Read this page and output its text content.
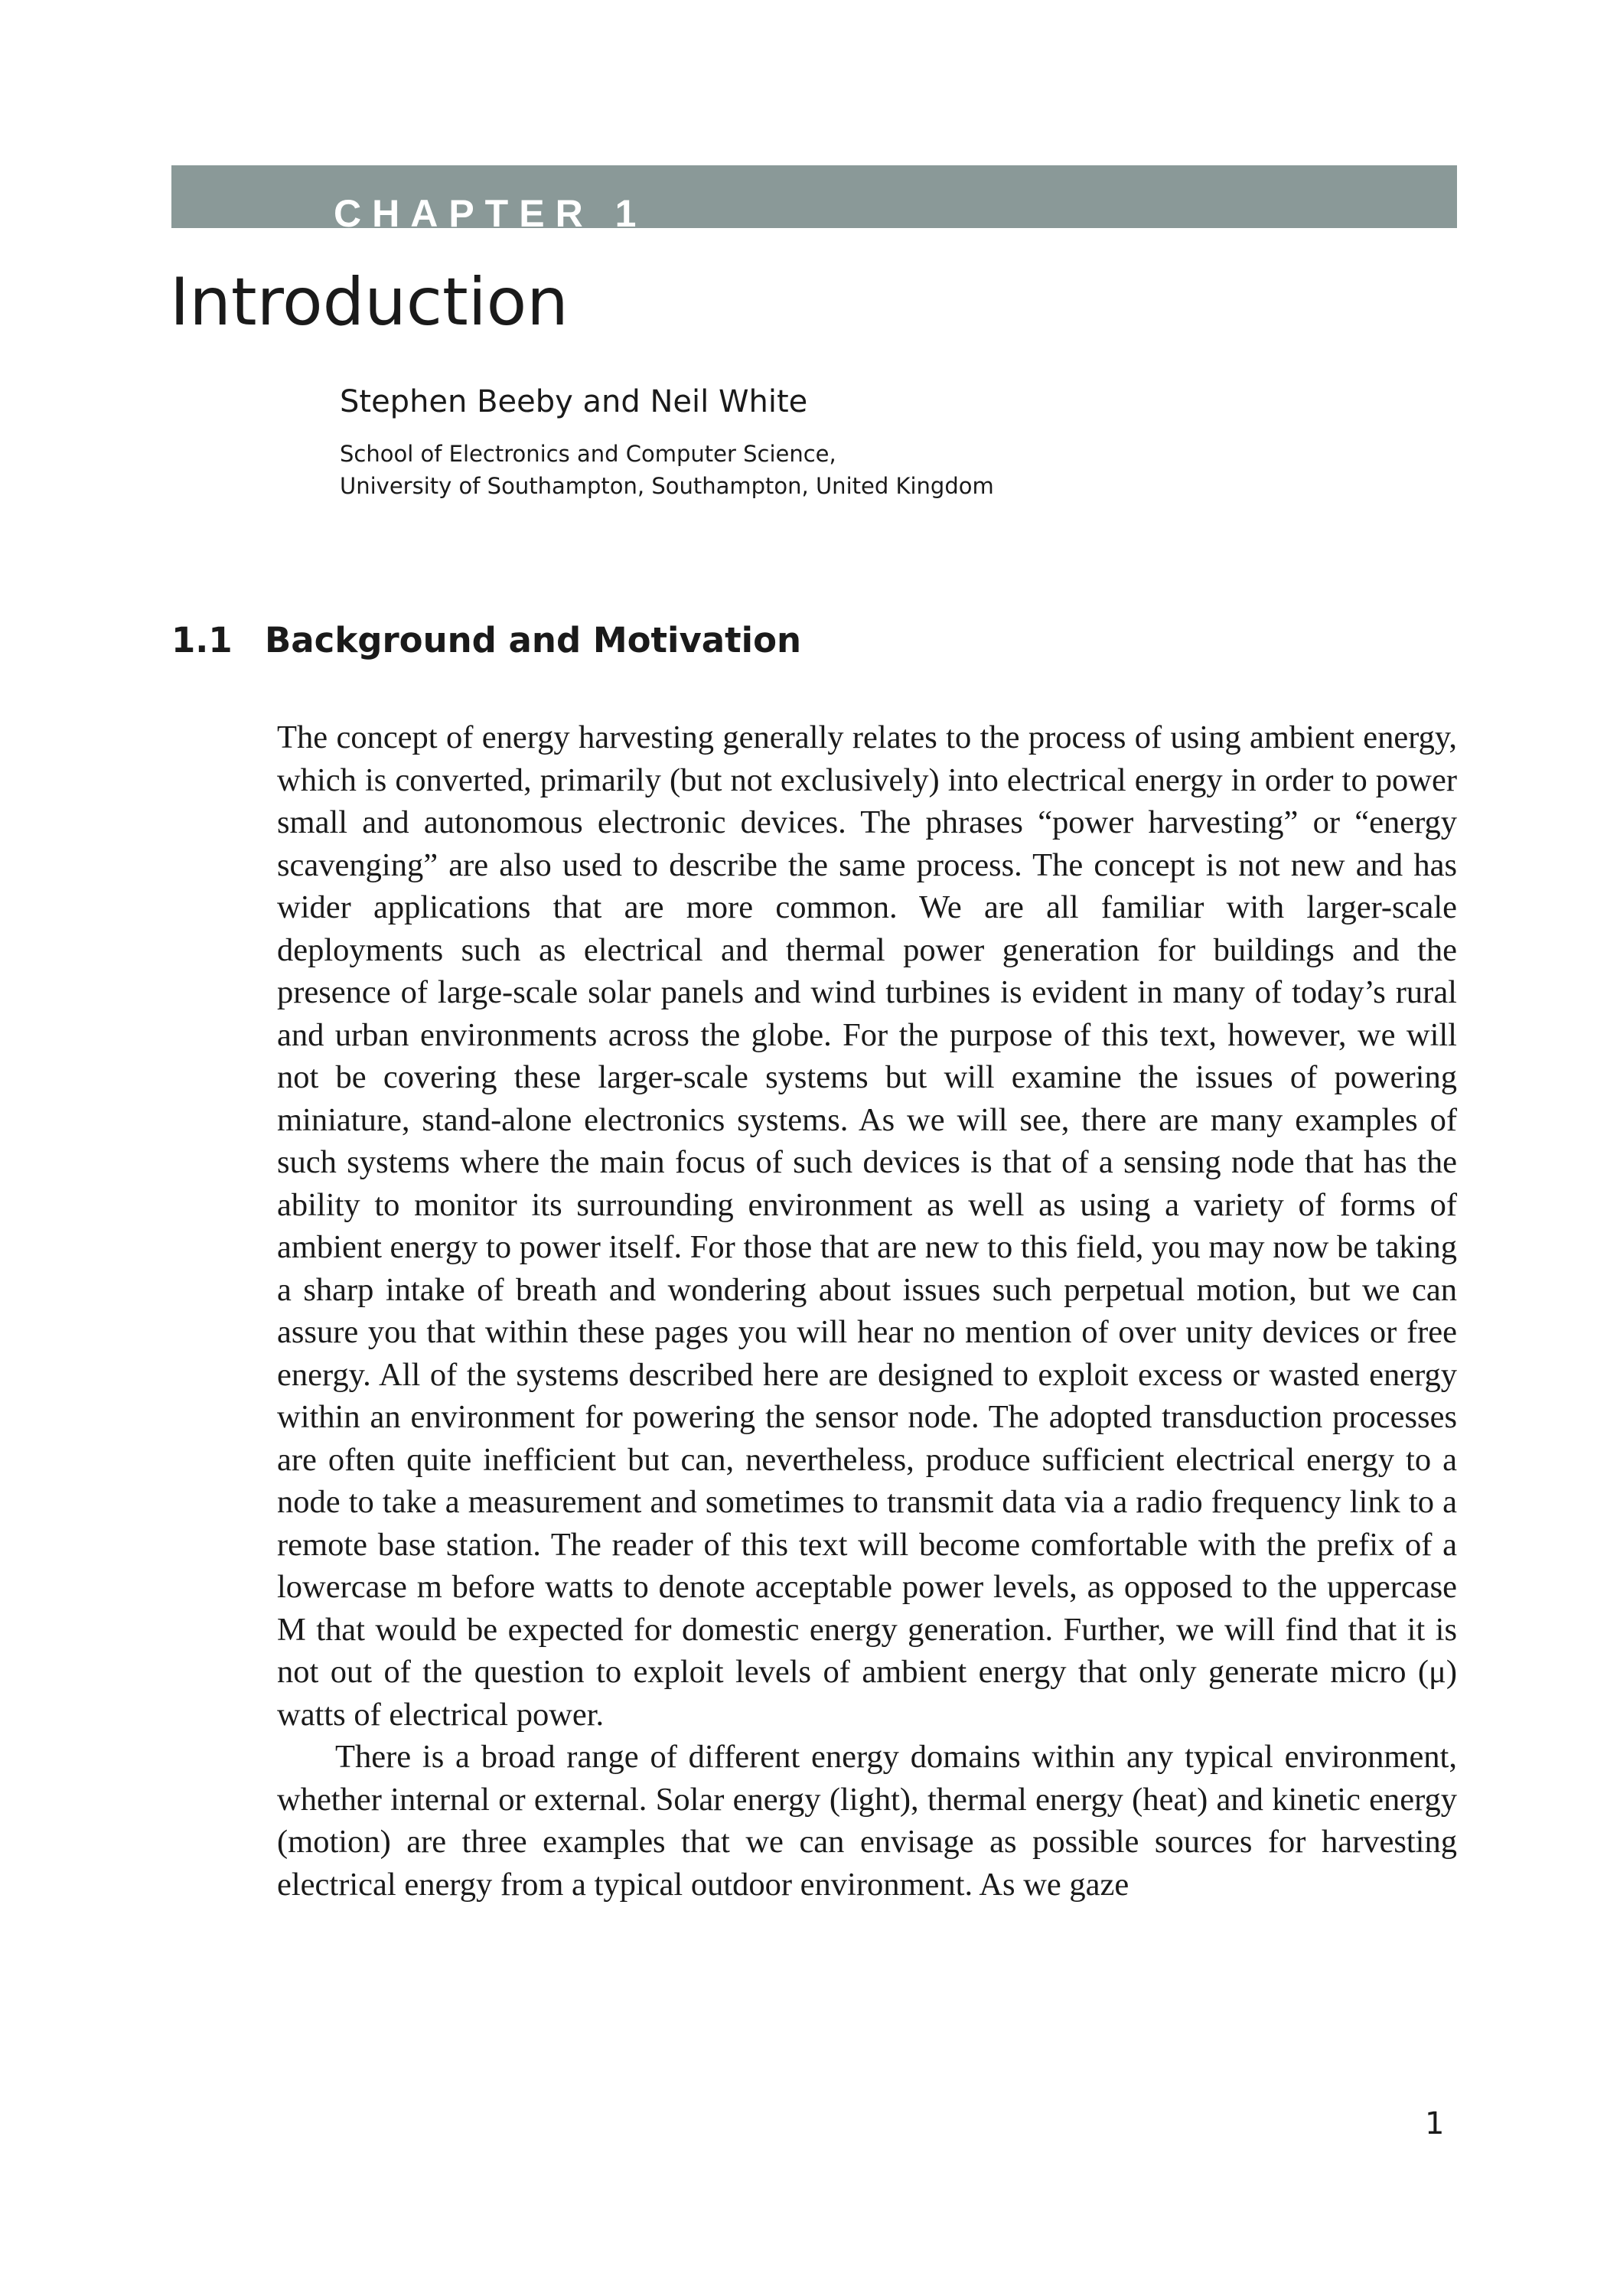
CHAPTER 1
Introduction
Stephen Beeby and Neil White
School of Electronics and Computer Science,
University of Southampton, Southampton, United Kingdom
1.1 Background and Motivation

The concept of energy harvesting generally relates to the process of using ambient energy, which is converted, primarily (but not exclusively) into electrical energy in order to power small and autonomous electronic devices. The phrases “power harvesting” or “energy scavenging” are also used to describe the same process. The concept is not new and has wider applications that are more common. We are all familiar with larger-scale deployments such as electrical and thermal power generation for buildings and the presence of large-scale solar panels and wind turbines is evident in many of today’s rural and urban environments across the globe. For the purpose of this text, however, we will not be covering these larger-scale systems but will examine the issues of powering miniature, stand-alone electronics systems. As we will see, there are many examples of such systems where the main focus of such devices is that of a sensing node that has the ability to monitor its surrounding environment as well as using a variety of forms of ambient energy to power itself. For those that are new to this field, you may now be taking a sharp intake of breath and wondering about issues such perpetual motion, but we can assure you that within these pages you will hear no mention of over unity devices or free energy. All of the systems described here are designed to exploit excess or wasted energy within an environment for powering the sensor node. The adopted transduction processes are often quite inefficient but can, nevertheless, produce sufficient electrical energy to a node to take a measurement and sometimes to transmit data via a radio frequency link to a remote base station. The reader of this text will become comfortable with the prefix of a lowercase m before watts to denote acceptable power levels, as opposed to the uppercase M that would be expected for domestic energy generation. Further, we will find that it is not out of the question to exploit levels of ambient energy that only generate micro (μ) watts of electrical power.

There is a broad range of different energy domains within any typical environment, whether internal or external. Solar energy (light), thermal energy (heat) and kinetic energy (motion) are three examples that we can envisage as possible sources for harvesting electrical energy from a typical outdoor environment. As we gaze

1
